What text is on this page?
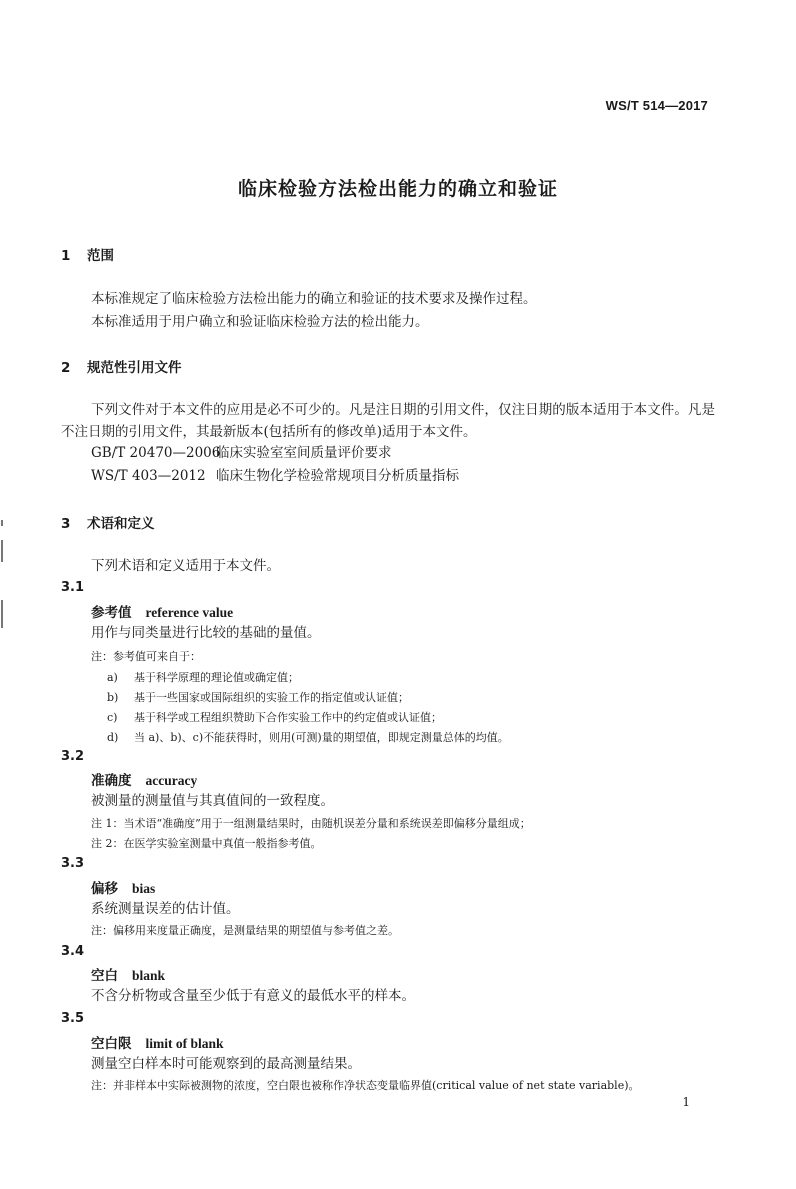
WS/T 514—2017
临床检验方法检出能力的确立和验证
1 范围
本标准规定了临床检验方法检出能力的确立和验证的技术要求及操作过程。
本标准适用于用户确立和验证临床检验方法的检出能力。
2 规范性引用文件
下列文件对于本文件的应用是必不可少的。凡是注日期的引用文件，仅注日期的版本适用于本文件。凡是不注日期的引用文件，其最新版本(包括所有的修改单)适用于本文件。
GB/T 20470—2006临床实验室室间质量评价要求
WS/T 403—2012 临床生物化学检验常规项目分析质量指标
3 术语和定义
下列术语和定义适用于本文件。
3.1
参考值 reference value
用作与同类量进行比较的基础的量值。
注：参考值可来自于：
a) 基于科学原理的理论值或确定值；
b) 基于一些国家或国际组织的实验工作的指定值或认证值；
c) 基于科学或工程组织赞助下合作实验工作中的约定值或认证值；
d) 当 a)、b)、c)不能获得时，则用(可测)量的期望值，即规定测量总体的均值。
3.2
准确度 accuracy
被测量的测量值与其真值间的一致程度。
注 1：当术语“准确度”用于一组测量结果时，由随机误差分量和系统误差即偏移分量组成；
注 2：在医学实验室测量中真值一般指参考值。
3.3
偏移 bias
系统测量误差的估计值。
注：偏移用来度量正确度，是测量结果的期望值与参考值之差。
3.4
空白 blank
不含分析物或含量至少低于有意义的最低水平的样本。
3.5
空白限 limit of blank
测量空白样本时可能观察到的最高测量结果。
注：并非样本中实际被测物的浓度，空白限也被称作净状态变量临界值(critical value of net state variable)。
1
